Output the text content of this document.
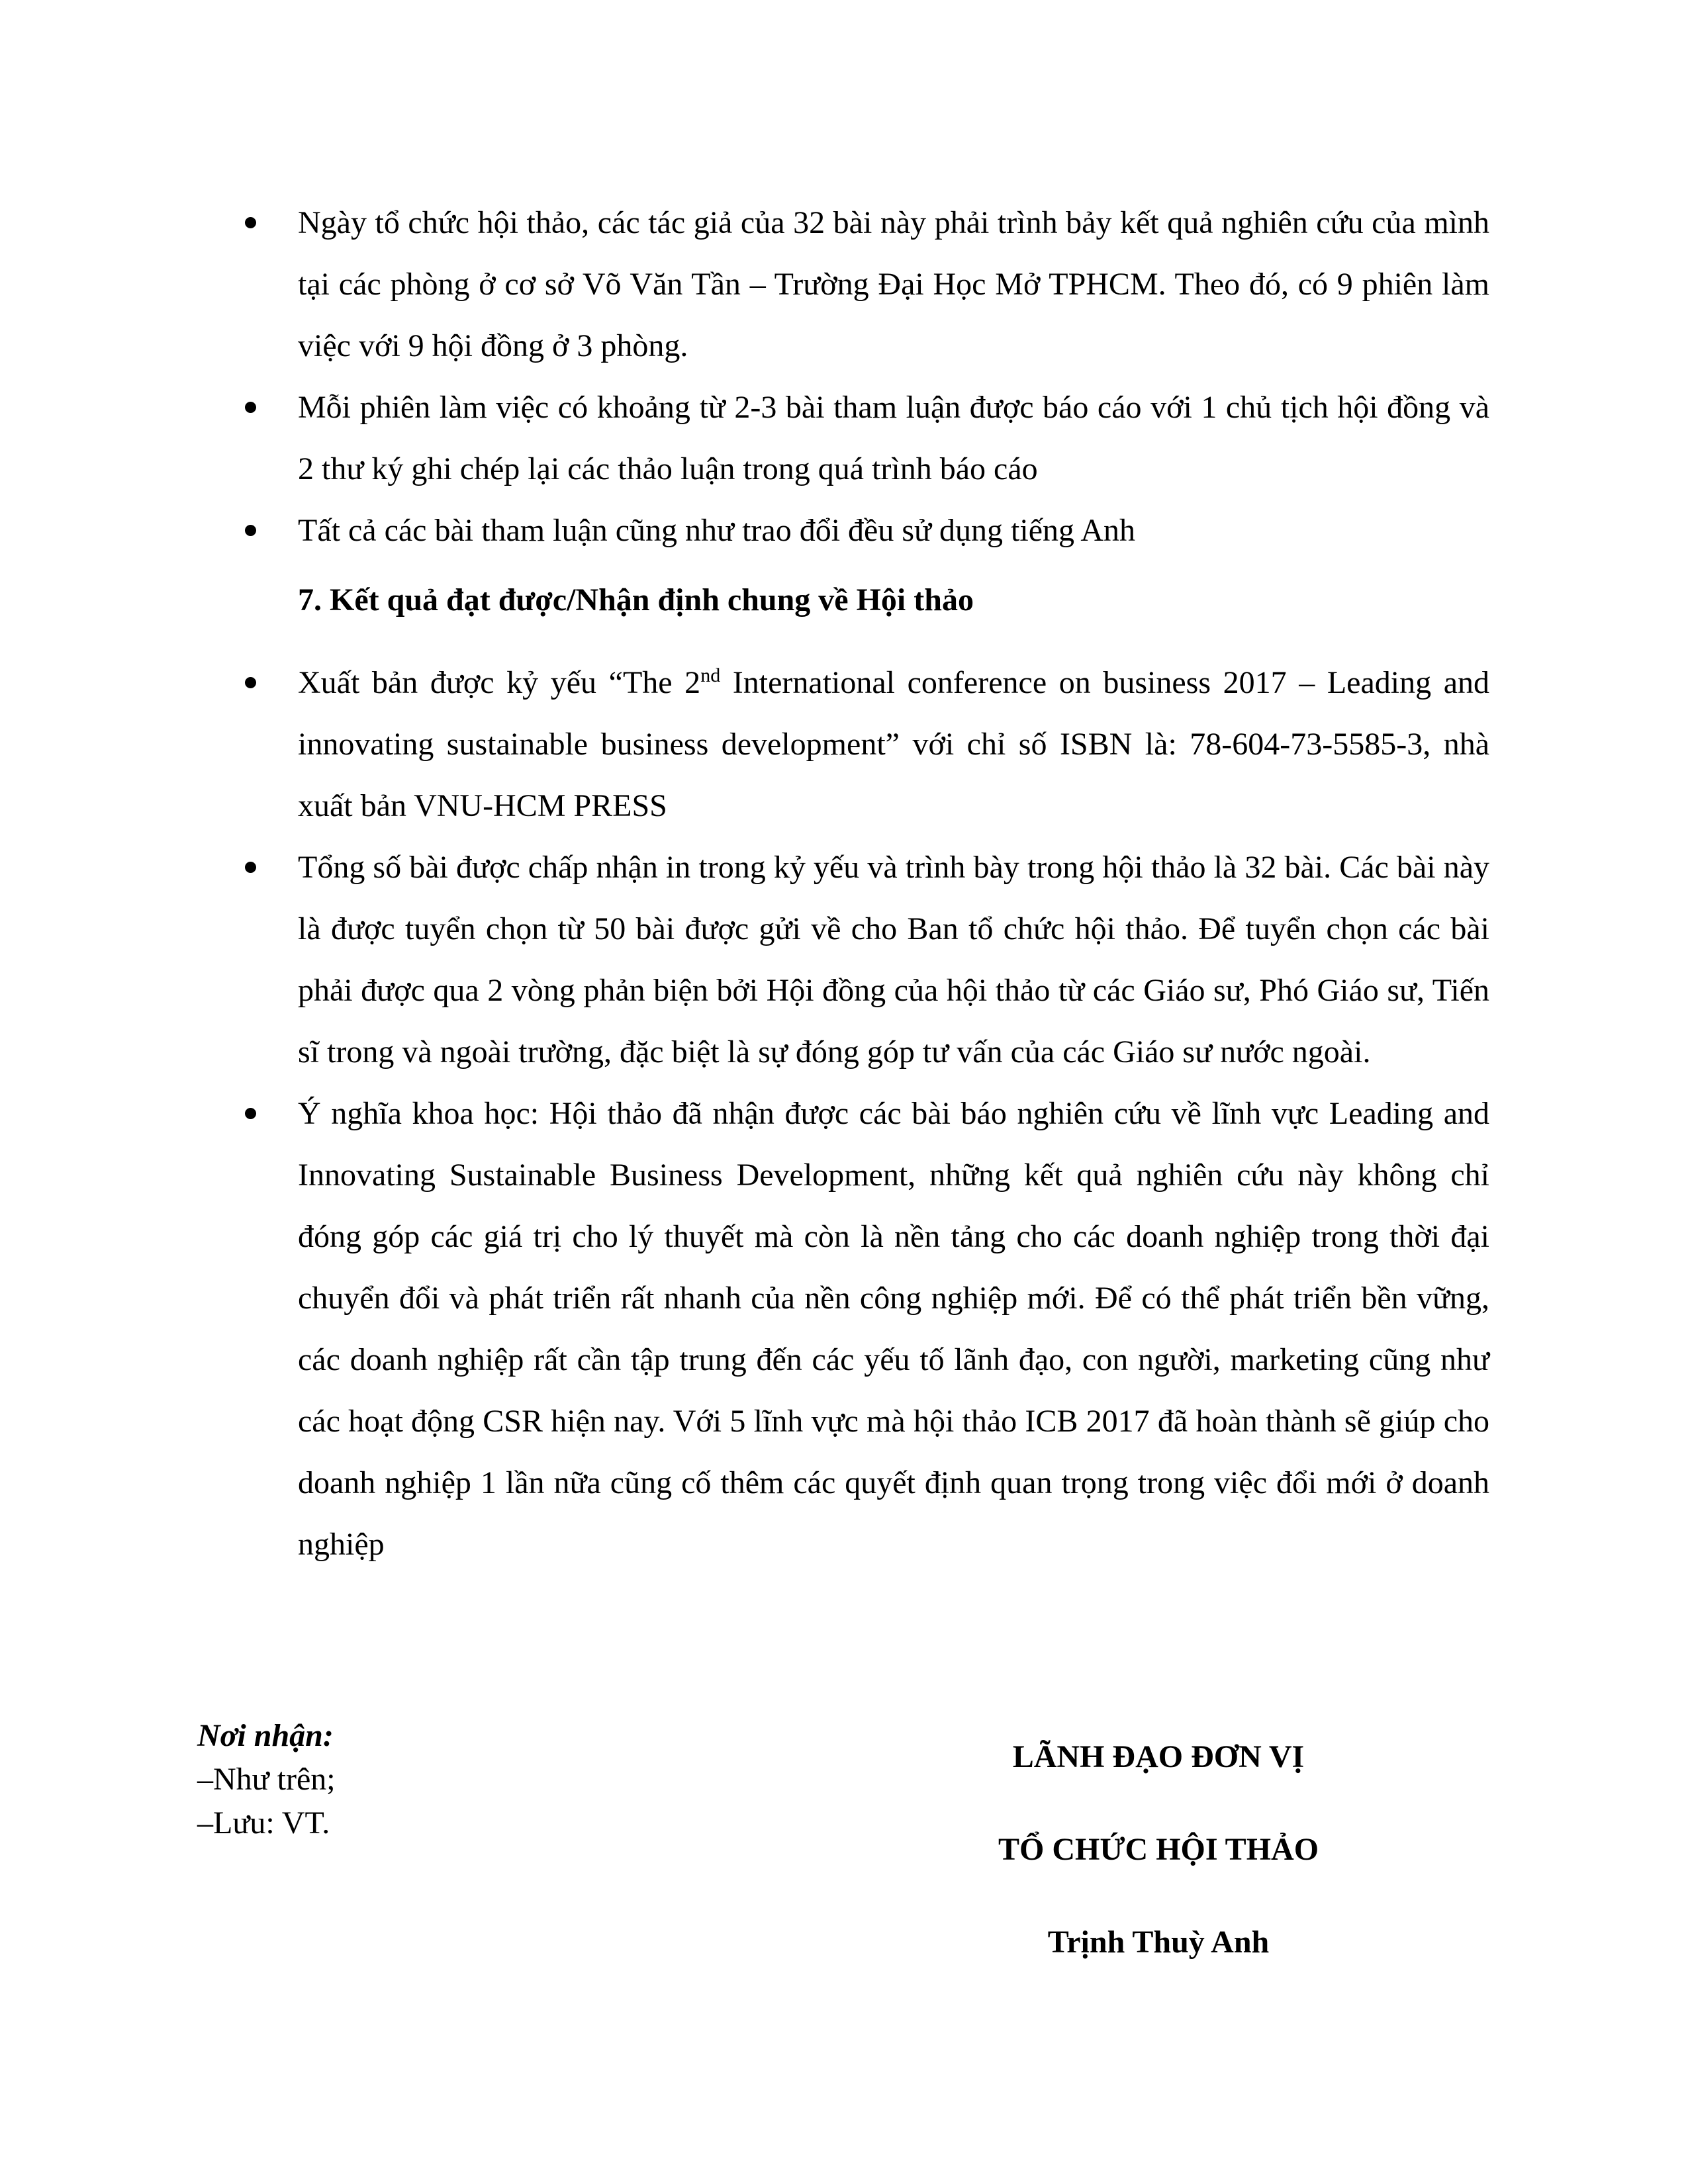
Ngày tổ chức hội thảo, các tác giả của 32 bài này phải trình bảy kết quả nghiên cứu của mình tại các phòng ở cơ sở Võ Văn Tần – Trường Đại Học Mở TPHCM. Theo đó, có 9 phiên làm việc với 9 hội đồng ở 3 phòng.
Mỗi phiên làm việc có khoảng từ 2-3 bài tham luận được báo cáo với 1 chủ tịch hội đồng và 2 thư ký ghi chép lại các thảo luận trong quá trình báo cáo
Tất cả các bài tham luận cũng như trao đổi đều sử dụng tiếng Anh
7. Kết quả đạt được/Nhận định chung về Hội thảo
Xuất bản được kỷ yếu “The 2nd International conference on business 2017 – Leading and innovating sustainable business development” với chỉ số ISBN là: 78-604-73-5585-3, nhà xuất bản VNU-HCM PRESS
Tổng số bài được chấp nhận in trong kỷ yếu và trình bày trong hội thảo là 32 bài. Các bài này là được tuyển chọn từ 50 bài được gửi về cho Ban tổ chức hội thảo. Để tuyển chọn các bài phải được qua 2 vòng phản biện bởi Hội đồng của hội thảo từ các Giáo sư, Phó Giáo sư, Tiến sĩ trong và ngoài trường, đặc biệt là sự đóng góp tư vấn của các Giáo sư nước ngoài.
Ý nghĩa khoa học: Hội thảo đã nhận được các bài báo nghiên cứu về lĩnh vực Leading and Innovating Sustainable Business Development, những kết quả nghiên cứu này không chỉ đóng góp các giá trị cho lý thuyết mà còn là nền tảng cho các doanh nghiệp trong thời đại chuyển đổi và phát triển rất nhanh của nền công nghiệp mới. Để có thể phát triển bền vững, các doanh nghiệp rất cần tập trung đến các yếu tố lãnh đạo, con người, marketing cũng như các hoạt động CSR hiện nay. Với 5 lĩnh vực mà hội thảo ICB 2017 đã hoàn thành sẽ giúp cho doanh nghiệp 1 lần nữa cũng cố thêm các quyết định quan trọng trong việc đổi mới ở doanh nghiệp
Nơi nhận:
–Như trên;
–Lưu: VT.
LÃNH ĐẠO ĐƠN VỊ
TỔ CHỨC HỘI THẢO
Trịnh Thuỳ Anh
